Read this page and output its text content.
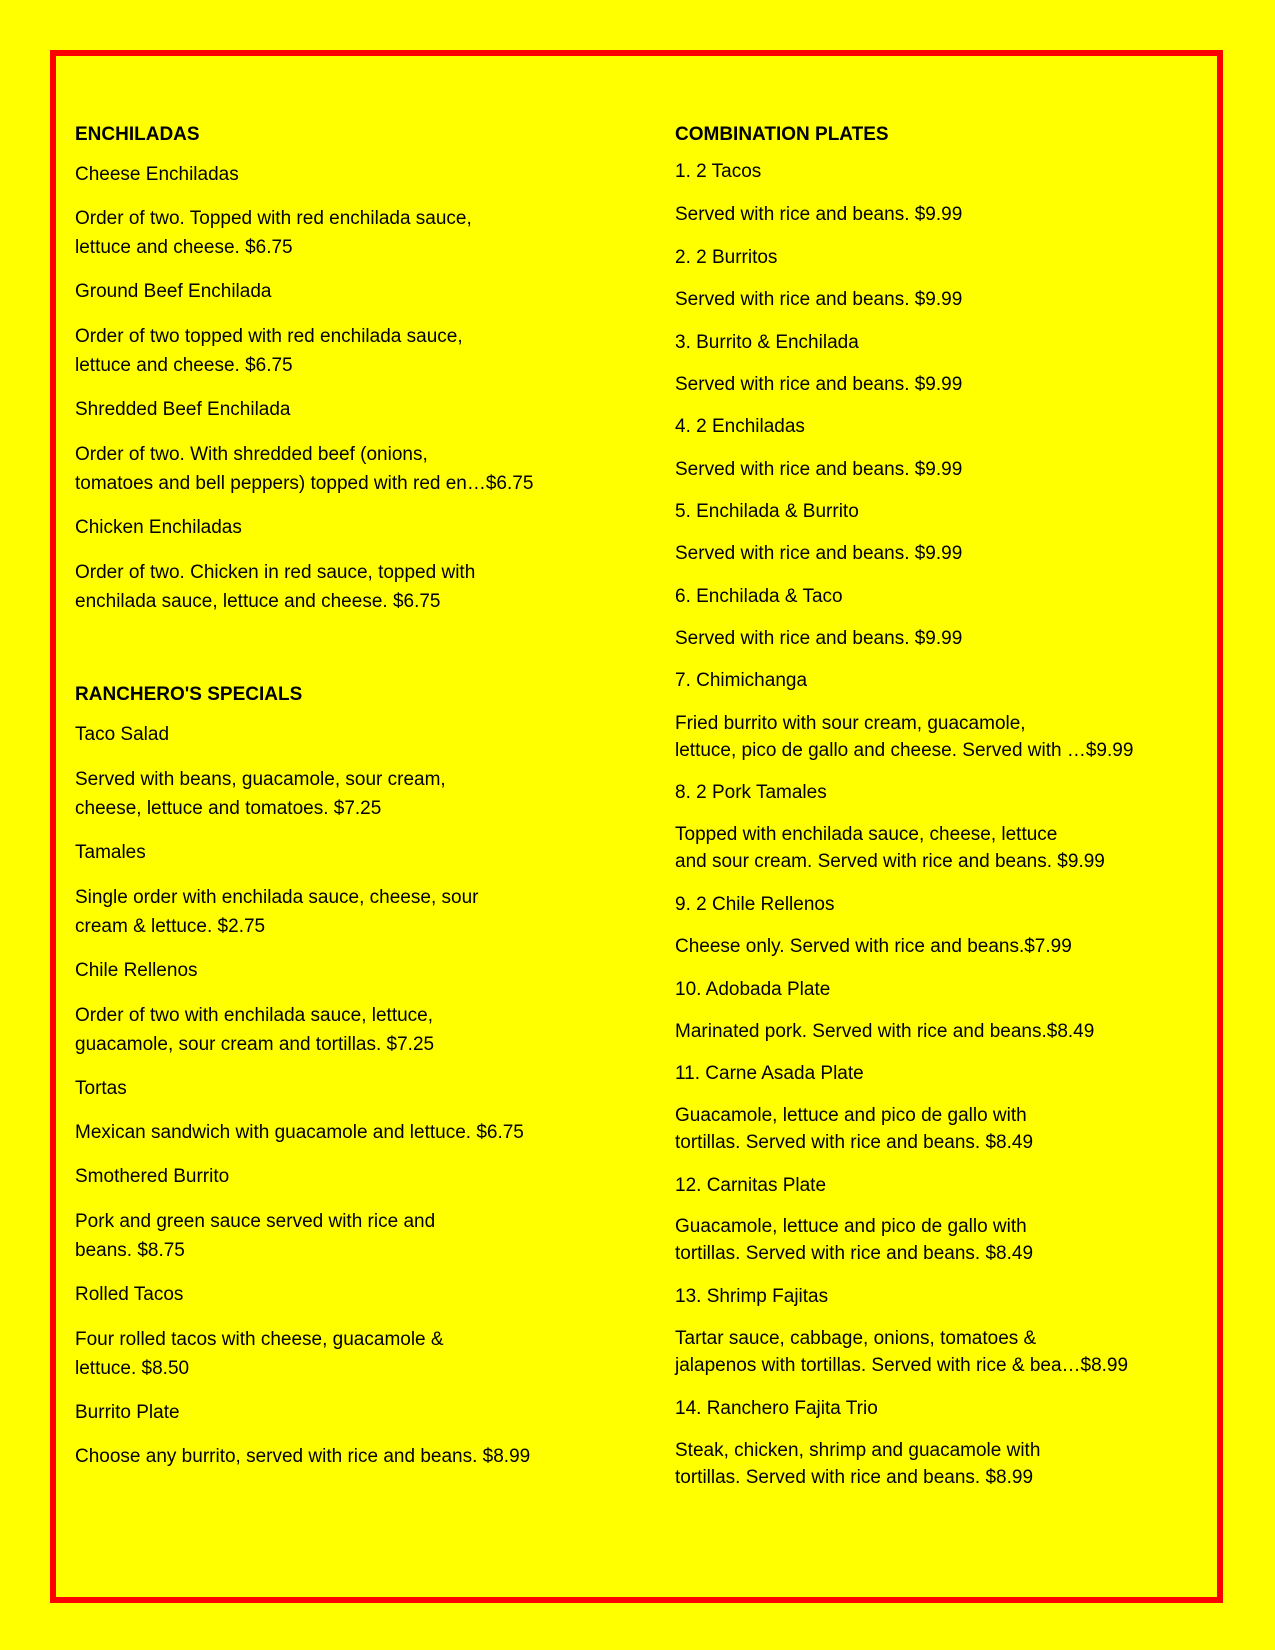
ENCHILADAS
Cheese Enchiladas
Order of two. Topped with red enchilada sauce,
lettuce and cheese. $6.75
Ground Beef Enchilada
Order of two topped with red enchilada sauce,
lettuce and cheese. $6.75
Shredded Beef Enchilada
Order of two. With shredded beef (onions,
tomatoes and bell peppers) topped with red en…$6.75
Chicken Enchiladas
Order of two. Chicken in red sauce, topped with
enchilada sauce, lettuce and cheese. $6.75
RANCHERO'S SPECIALS
Taco Salad
Served with beans, guacamole, sour cream,
cheese, lettuce and tomatoes. $7.25
Tamales
Single order with enchilada sauce, cheese, sour
cream & lettuce. $2.75
Chile Rellenos
Order of two with enchilada sauce, lettuce,
guacamole, sour cream and tortillas. $7.25
Tortas
Mexican sandwich with guacamole and lettuce. $6.75
Smothered Burrito
Pork and green sauce served with rice and
beans. $8.75
Rolled Tacos
Four rolled tacos with cheese, guacamole &
lettuce. $8.50
Burrito Plate
Choose any burrito, served with rice and beans. $8.99
COMBINATION PLATES
1. 2 Tacos
Served with rice and beans. $9.99
2. 2 Burritos
Served with rice and beans. $9.99
3. Burrito & Enchilada
Served with rice and beans. $9.99
4. 2 Enchiladas
Served with rice and beans. $9.99
5. Enchilada & Burrito
Served with rice and beans. $9.99
6. Enchilada & Taco
Served with rice and beans. $9.99
7. Chimichanga
Fried burrito with sour cream, guacamole,
lettuce, pico de gallo and cheese. Served with …$9.99
8. 2 Pork Tamales
Topped with enchilada sauce, cheese, lettuce
and sour cream. Served with rice and beans. $9.99
9. 2 Chile Rellenos
Cheese only. Served with rice and beans.$7.99
10. Adobada Plate
Marinated pork. Served with rice and beans.$8.49
11. Carne Asada Plate
Guacamole, lettuce and pico de gallo with
tortillas. Served with rice and beans. $8.49
12. Carnitas Plate
Guacamole, lettuce and pico de gallo with
tortillas. Served with rice and beans. $8.49
13. Shrimp Fajitas
Tartar sauce, cabbage, onions, tomatoes &
jalapenos with tortillas. Served with rice & bea…$8.99
14. Ranchero Fajita Trio
Steak, chicken, shrimp and guacamole with
tortillas. Served with rice and beans. $8.99
